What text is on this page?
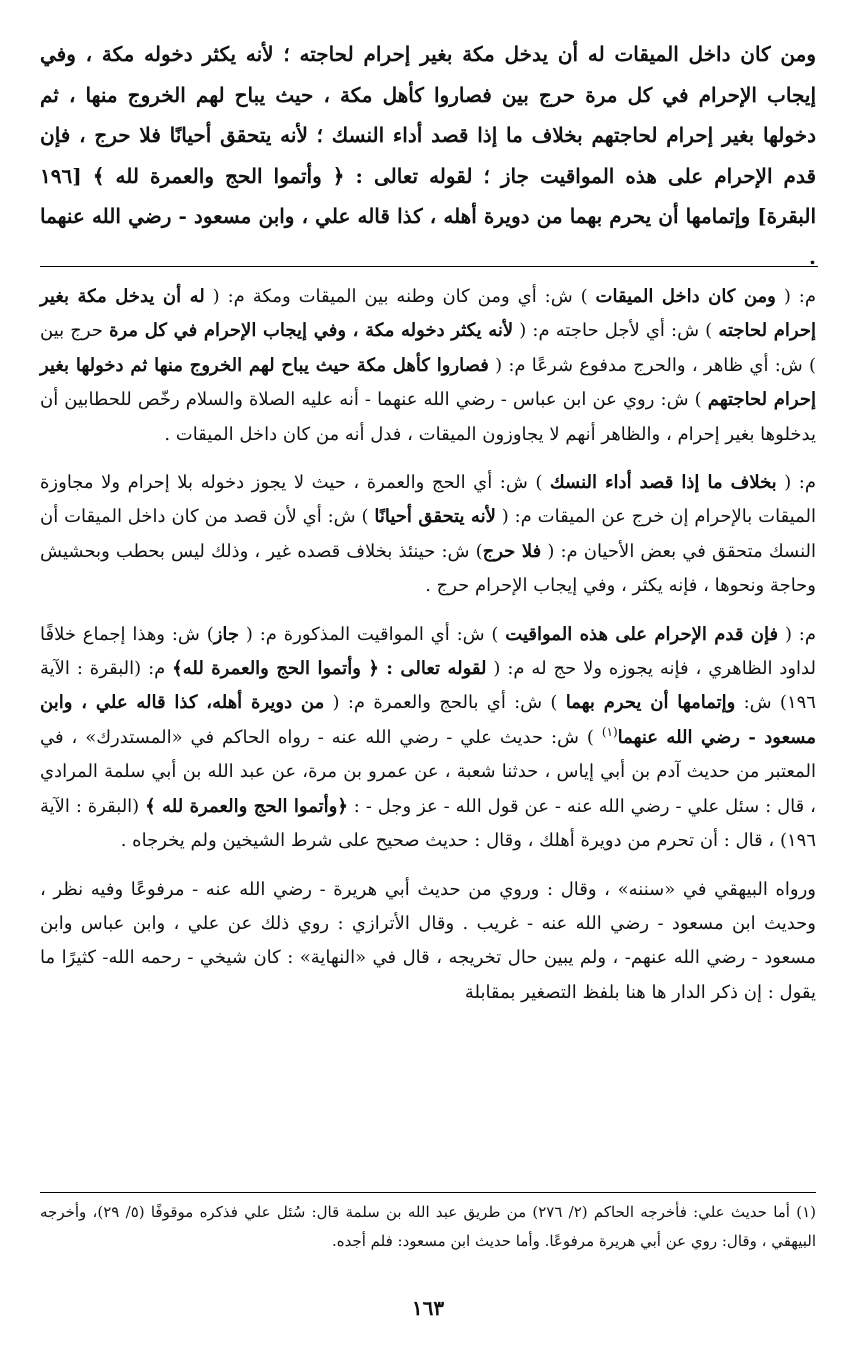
ومن كان داخل الميقات له أن يدخل مكة بغير إحرام لحاجته ؛ لأنه يكثر دخوله مكة ، وفي إيجاب الإحرام في كل مرة حرج بين فصاروا كأهل مكة ، حيث يباح لهم الخروج منها ، ثم دخولها بغير إحرام لحاجتهم بخلاف ما إذا قصد أداء النسك ؛ لأنه يتحقق أحيانًا فلا حرج ، فإن قدم الإحرام على هذه المواقيت جاز ؛ لقوله تعالى : ﴿ وأتموا الحج والعمرة لله ﴾ [١٩٦ البقرة] وإتمامها أن يحرم بهما من دويرة أهله ، كذا قاله علي ، وابن مسعود - رضي الله عنهما .

م: ( ومن كان داخل الميقات ) ش: أي ومن كان وطنه بين الميقات ومكة م: ( له أن يدخل مكة بغير إحرام لحاجته ) ش: أي لأجل حاجته م: ( لأنه يكثر دخوله مكة ، وفي إيجاب الإحرام في كل مرة حرج بين ) ش: أي ظاهر ، والحرج مدفوع شرعًا م: ( فصاروا كأهل مكة حيث يباح لهم الخروج منها ثم دخولها بغير إحرام لحاجتهم ) ش: روي عن ابن عباس - رضي الله عنهما - أنه عليه الصلاة والسلام رخّص للحطابين أن يدخلوها بغير إحرام ، والظاهر أنهم لا يجاوزون الميقات ، فدل أنه من كان داخل الميقات .

م: ( بخلاف ما إذا قصد أداء النسك ) ش: أي الحج والعمرة ، حيث لا يجوز دخوله بلا إحرام ولا مجاوزة الميقات بالإحرام إن خرج عن الميقات م: ( لأنه يتحقق أحيانًا ) ش: أي لأن قصد من كان داخل الميقات أن النسك متحقق في بعض الأحيان م: ( فلا حرج) ش: حينئذ بخلاف قصده غير ، وذلك ليس بحطب وبحشيش وحاجة ونحوها ، فإنه يكثر ، وفي إيجاب الإحرام حرج .

م: ( فإن قدم الإحرام على هذه المواقيت ) ش: أي المواقيت المذكورة م: ( جاز) ش: وهذا إجماع خلافًا لداود الظاهري ، فإنه يجوزه ولا حج له م: ( لقوله تعالى : ﴿ وأتموا الحج والعمرة لله﴾ م: (البقرة : الآية ١٩٦) ش: وإتمامها أن يحرم بهما ) ش: أي بالحج والعمرة م: ( من دويرة أهله، كذا قاله علي ، وابن مسعود - رضي الله عنهما$^{(١)}$ ) ش: حديث علي - رضي الله عنه - رواه الحاكم في «المستدرك» ، في المعتبر من حديث آدم بن أبي إياس ، حدثنا شعبة ، عن عمرو بن مرة، عن عبد الله بن أبي سلمة المرادي ، قال : سئل علي - رضي الله عنه - عن قول الله - عز وجل - : ﴿وأتموا الحج والعمرة لله ﴾ (البقرة : الآية ١٩٦) ، قال : أن تحرم من دويرة أهلك ، وقال : حديث صحيح على شرط الشيخين ولم يخرجاه .

ورواه البيهقي في «سننه» ، وقال : وروي من حديث أبي هريرة - رضي الله عنه - مرفوعًا وفيه نظر ، وحديث ابن مسعود - رضي الله عنه - غريب . وقال الأترازي : روي ذلك عن علي ، وابن عباس وابن مسعود - رضي الله عنهم- ، ولم يبين حال تخريجه ، قال في «النهاية» : كان شيخي - رحمه الله- كثيرًا ما يقول : إن ذكر الدار ها هنا بلفظ التصغير بمقابلة

(١) أما حديث علي: فأخرجه الحاكم (٢/ ٢٧٦) من طريق عبد الله بن سلمة قال: سُئل علي فذكره موقوفًا (٥/ ٢٩)، وأخرجه البيهقي ، وقال: روي عن أبي هريرة مرفوعًا. وأما حديث ابن مسعود: فلم أجده.
١٦٣
